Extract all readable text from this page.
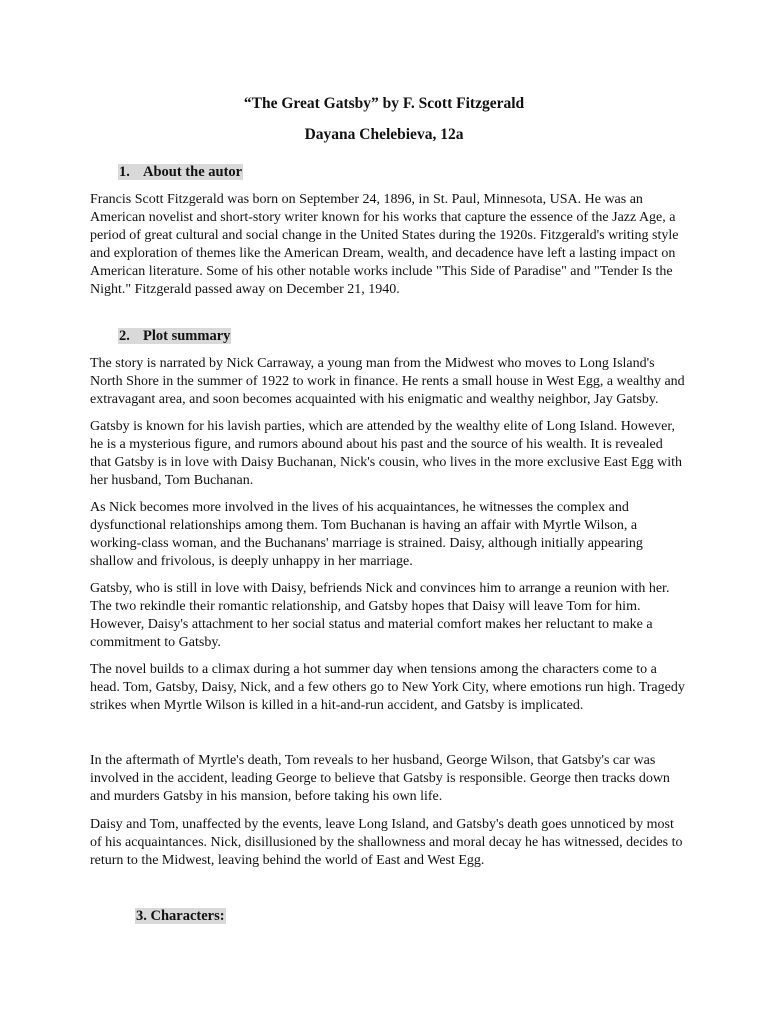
“The Great Gatsby” by F. Scott Fitzgerald
Dayana Chelebieva, 12a
1. About the autor

Francis Scott Fitzgerald was born on September 24, 1896, in St. Paul, Minnesota, USA. He was an
American novelist and short-story writer known for his works that capture the essence of the Jazz Age, a
period of great cultural and social change in the United States during the 1920s. Fitzgerald's writing style
and exploration of themes like the American Dream, wealth, and decadence have left a lasting impact on
American literature. Some of his other notable works include "This Side of Paradise" and "Tender Is the
Night." Fitzgerald passed away on December 21, 1940.

2. Plot summary

The story is narrated by Nick Carraway, a young man from the Midwest who moves to Long Island's
North Shore in the summer of 1922 to work in finance. He rents a small house in West Egg, a wealthy and
extravagant area, and soon becomes acquainted with his enigmatic and wealthy neighbor, Jay Gatsby.

Gatsby is known for his lavish parties, which are attended by the wealthy elite of Long Island. However,
he is a mysterious figure, and rumors abound about his past and the source of his wealth. It is revealed
that Gatsby is in love with Daisy Buchanan, Nick's cousin, who lives in the more exclusive East Egg with
her husband, Tom Buchanan.

As Nick becomes more involved in the lives of his acquaintances, he witnesses the complex and
dysfunctional relationships among them. Tom Buchanan is having an affair with Myrtle Wilson, a
working-class woman, and the Buchanans' marriage is strained. Daisy, although initially appearing
shallow and frivolous, is deeply unhappy in her marriage.

Gatsby, who is still in love with Daisy, befriends Nick and convinces him to arrange a reunion with her.
The two rekindle their romantic relationship, and Gatsby hopes that Daisy will leave Tom for him.
However, Daisy's attachment to her social status and material comfort makes her reluctant to make a
commitment to Gatsby.

The novel builds to a climax during a hot summer day when tensions among the characters come to a
head. Tom, Gatsby, Daisy, Nick, and a few others go to New York City, where emotions run high. Tragedy
strikes when Myrtle Wilson is killed in a hit-and-run accident, and Gatsby is implicated.

In the aftermath of Myrtle's death, Tom reveals to her husband, George Wilson, that Gatsby's car was
involved in the accident, leading George to believe that Gatsby is responsible. George then tracks down
and murders Gatsby in his mansion, before taking his own life.

Daisy and Tom, unaffected by the events, leave Long Island, and Gatsby's death goes unnoticed by most
of his acquaintances. Nick, disillusioned by the shallowness and moral decay he has witnessed, decides to
return to the Midwest, leaving behind the world of East and West Egg.

3. Characters:
